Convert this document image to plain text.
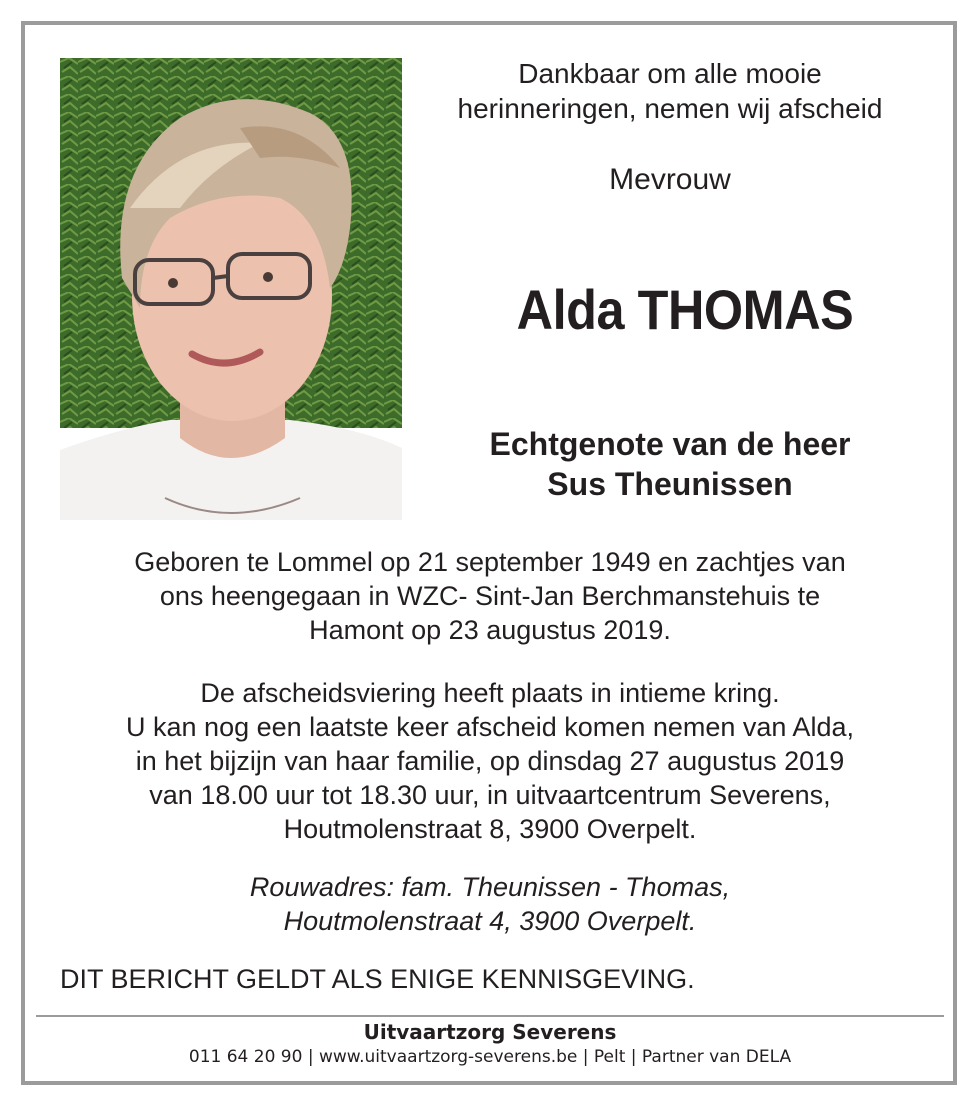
Dankbaar om alle mooie
herinneringen, nemen wij afscheid
Mevrouw
Alda THOMAS
Echtgenote van de heer
Sus Theunissen
Geboren te Lommel op 21 september 1949 en zachtjes van
ons heengegaan in WZC- Sint-Jan Berchmanstehuis te
Hamont op 23 augustus 2019.
De afscheidsviering heeft plaats in intieme kring.
U kan nog een laatste keer afscheid komen nemen van Alda,
in het bijzijn van haar familie, op dinsdag 27 augustus 2019
van 18.00 uur tot 18.30 uur, in uitvaartcentrum Severens,
Houtmolenstraat 8, 3900 Overpelt.
Rouwadres: fam. Theunissen - Thomas,
Houtmolenstraat 4, 3900 Overpelt.
DIT BERICHT GELDT ALS ENIGE KENNISGEVING.
Uitvaartzorg Severens
011 64 20 90 | www.uitvaartzorg-severens.be | Pelt | Partner van DELA
